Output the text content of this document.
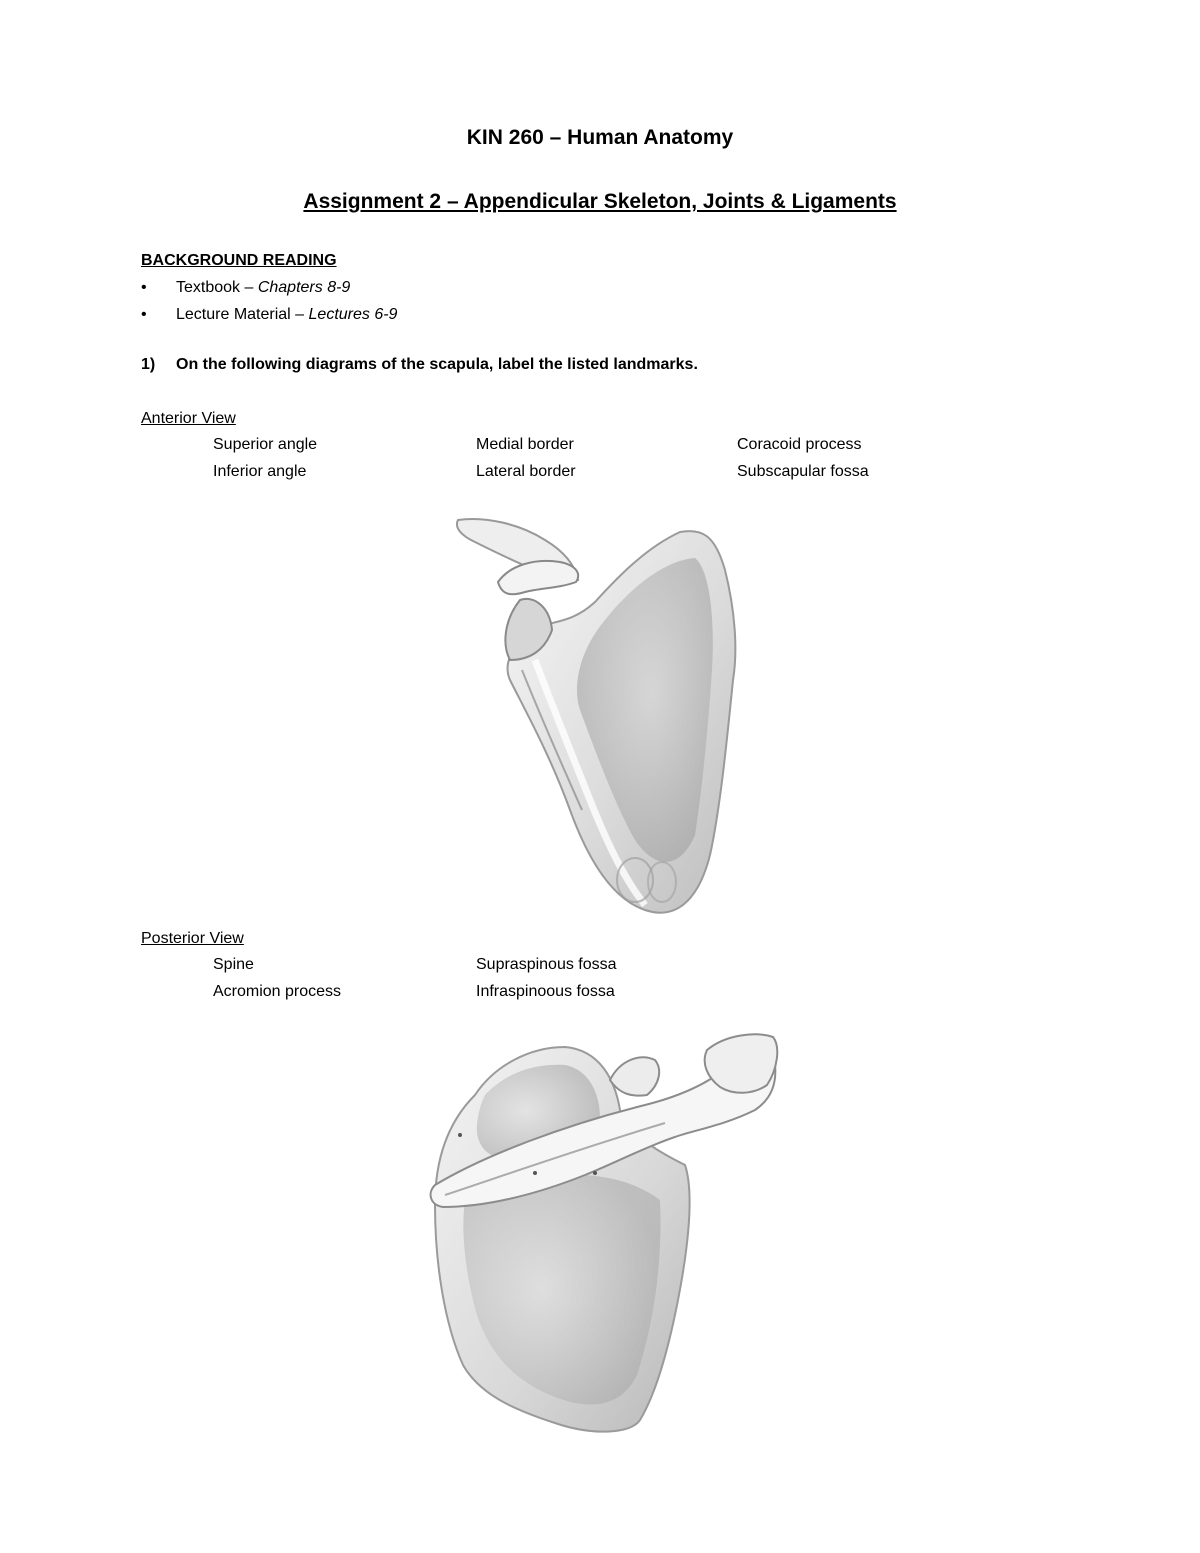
KIN 260 – Human Anatomy
Assignment 2 – Appendicular Skeleton, Joints & Ligaments
BACKGROUND READING
• Textbook – Chapters 8-9
• Lecture Material – Lectures 6-9
1) On the following diagrams of the scapula, label the listed landmarks.
Anterior View
Superior angle	Medial border	Coracoid process
Inferior angle	Lateral border	Subscapular fossa
Posterior View
Spine	Supraspinous fossa
Acromion process	Infraspinoous fossa
